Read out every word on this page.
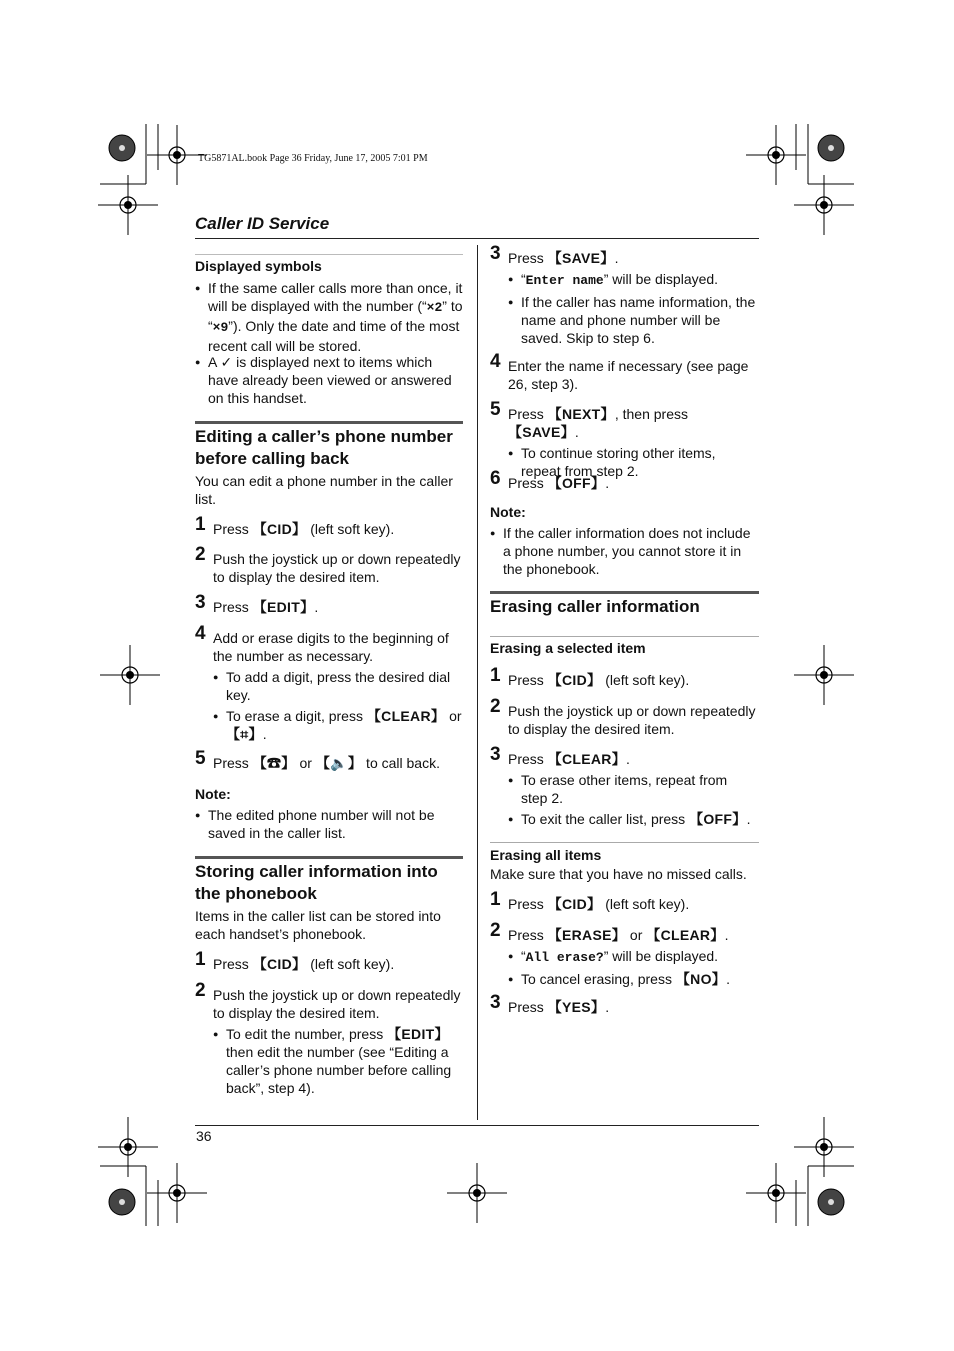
TG5871AL.book Page 36 Friday, June 17, 2005 7:01 PM
Caller ID Service
36
Displayed symbols
● If the same caller calls more than once, it will be displayed with the number (“×2” to “×9”). Only the date and time of the most recent call will be stored.
● A ✓ is displayed next to items which have already been viewed or answered on this handset.
Editing a caller’s phone number before calling back
You can edit a phone number in the caller list.
1 Press 【CID】 (left soft key).
2 Push the joystick up or down repeatedly to display the desired item.
3 Press 【EDIT】.
4 Add or erase digits to the beginning of the number as necessary.
● To add a digit, press the desired dial key.
● To erase a digit, press 【CLEAR】 or 【⌗】.
5 Press 【☎】 or 【🔈】 to call back.
Note:
● The edited phone number will not be saved in the caller list.
Storing caller information into the phonebook
Items in the caller list can be stored into each handset’s phonebook.
1 Press 【CID】 (left soft key).
2 Push the joystick up or down repeatedly to display the desired item.
● To edit the number, press 【EDIT】 then edit the number (see “Editing a caller’s phone number before calling back”, step 4).
3 Press 【SAVE】.
● “Enter name” will be displayed.
● If the caller has name information, the name and phone number will be saved. Skip to step 6.
4 Enter the name if necessary (see page 26, step 3).
5 Press 【NEXT】, then press 【SAVE】.
● To continue storing other items, repeat from step 2.
6 Press 【OFF】.
Note:
● If the caller information does not include a phone number, you cannot store it in the phonebook.
Erasing caller information
Erasing a selected item
1 Press 【CID】 (left soft key).
2 Push the joystick up or down repeatedly to display the desired item.
3 Press 【CLEAR】.
● To erase other items, repeat from step 2.
● To exit the caller list, press 【OFF】.
Erasing all items
Make sure that you have no missed calls.
1 Press 【CID】 (left soft key).
2 Press 【ERASE】 or 【CLEAR】.
● “All erase?” will be displayed.
● To cancel erasing, press 【NO】.
3 Press 【YES】.
